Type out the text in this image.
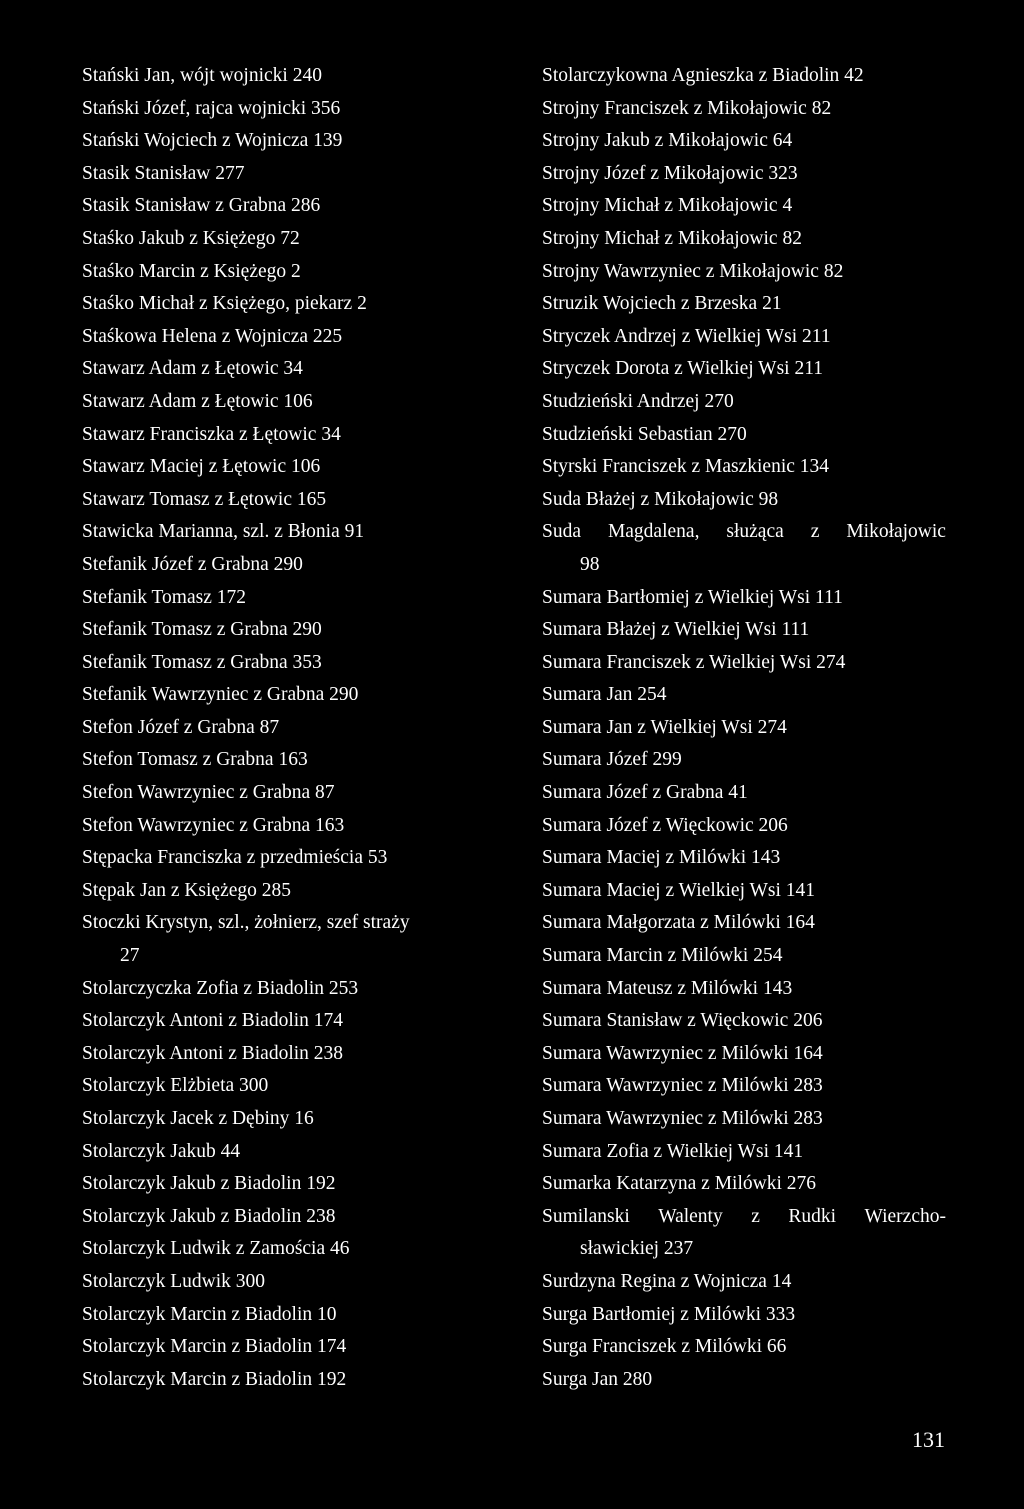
Stański Jan, wójt wojnicki 240
Stański Józef, rajca wojnicki 356
Stański Wojciech z Wojnicza 139
Stasik Stanisław 277
Stasik Stanisław z Grabna 286
Staśko Jakub z Księżego 72
Staśko Marcin z Księżego 2
Staśko Michał z Księżego, piekarz 2
Staśkowa Helena z Wojnicza 225
Stawarz Adam z Łętowic 34
Stawarz Adam z Łętowic 106
Stawarz Franciszka z Łętowic 34
Stawarz Maciej z Łętowic 106
Stawarz Tomasz z Łętowic 165
Stawicka Marianna, szl. z Błonia 91
Stefanik Józef z Grabna 290
Stefanik Tomasz 172
Stefanik Tomasz z Grabna 290
Stefanik Tomasz z Grabna 353
Stefanik Wawrzyniec z Grabna 290
Stefon Józef z Grabna 87
Stefon Tomasz z Grabna 163
Stefon Wawrzyniec z Grabna 87
Stefon Wawrzyniec z Grabna 163
Stępacka Franciszka z przedmieścia 53
Stępak Jan z Księżego 285
Stoczki Krystyn, szl., żołnierz, szef straży
27
Stolarczyczka Zofia z Biadolin 253
Stolarczyk Antoni z Biadolin 174
Stolarczyk Antoni z Biadolin 238
Stolarczyk Elżbieta 300
Stolarczyk Jacek z Dębiny 16
Stolarczyk Jakub 44
Stolarczyk Jakub z Biadolin 192
Stolarczyk Jakub z Biadolin 238
Stolarczyk Ludwik z Zamościa 46
Stolarczyk Ludwik 300
Stolarczyk Marcin z Biadolin 10
Stolarczyk Marcin z Biadolin 174
Stolarczyk Marcin z Biadolin 192
Stolarczykowna Agnieszka z Biadolin 42
Strojny Franciszek z Mikołajowic 82
Strojny Jakub z Mikołajowic 64
Strojny Józef z Mikołajowic 323
Strojny Michał z Mikołajowic 4
Strojny Michał z Mikołajowic 82
Strojny Wawrzyniec z Mikołajowic 82
Struzik Wojciech z Brzeska 21
Stryczek Andrzej z Wielkiej Wsi 211
Stryczek Dorota z Wielkiej Wsi 211
Studzieński Andrzej 270
Studzieński Sebastian 270
Styrski Franciszek z Maszkienic 134
Suda Błażej z Mikołajowic 98
Suda Magdalena, służąca z Mikołajowic
98
Sumara Bartłomiej z Wielkiej Wsi 111
Sumara Błażej z Wielkiej Wsi 111
Sumara Franciszek z Wielkiej Wsi 274
Sumara Jan 254
Sumara Jan z Wielkiej Wsi 274
Sumara Józef 299
Sumara Józef z Grabna 41
Sumara Józef z Więckowic 206
Sumara Maciej z Milówki 143
Sumara Maciej z Wielkiej Wsi 141
Sumara Małgorzata z Milówki 164
Sumara Marcin z Milówki 254
Sumara Mateusz z Milówki 143
Sumara Stanisław z Więckowic 206
Sumara Wawrzyniec z Milówki 164
Sumara Wawrzyniec z Milówki 283
Sumara Wawrzyniec z Milówki 283
Sumara Zofia z Wielkiej Wsi 141
Sumarka Katarzyna z Milówki 276
Sumilanski Walenty z Rudki Wierzcho-
sławickiej 237
Surdzyna Regina z Wojnicza 14
Surga Bartłomiej z Milówki 333
Surga Franciszek z Milówki 66
Surga Jan 280
131
